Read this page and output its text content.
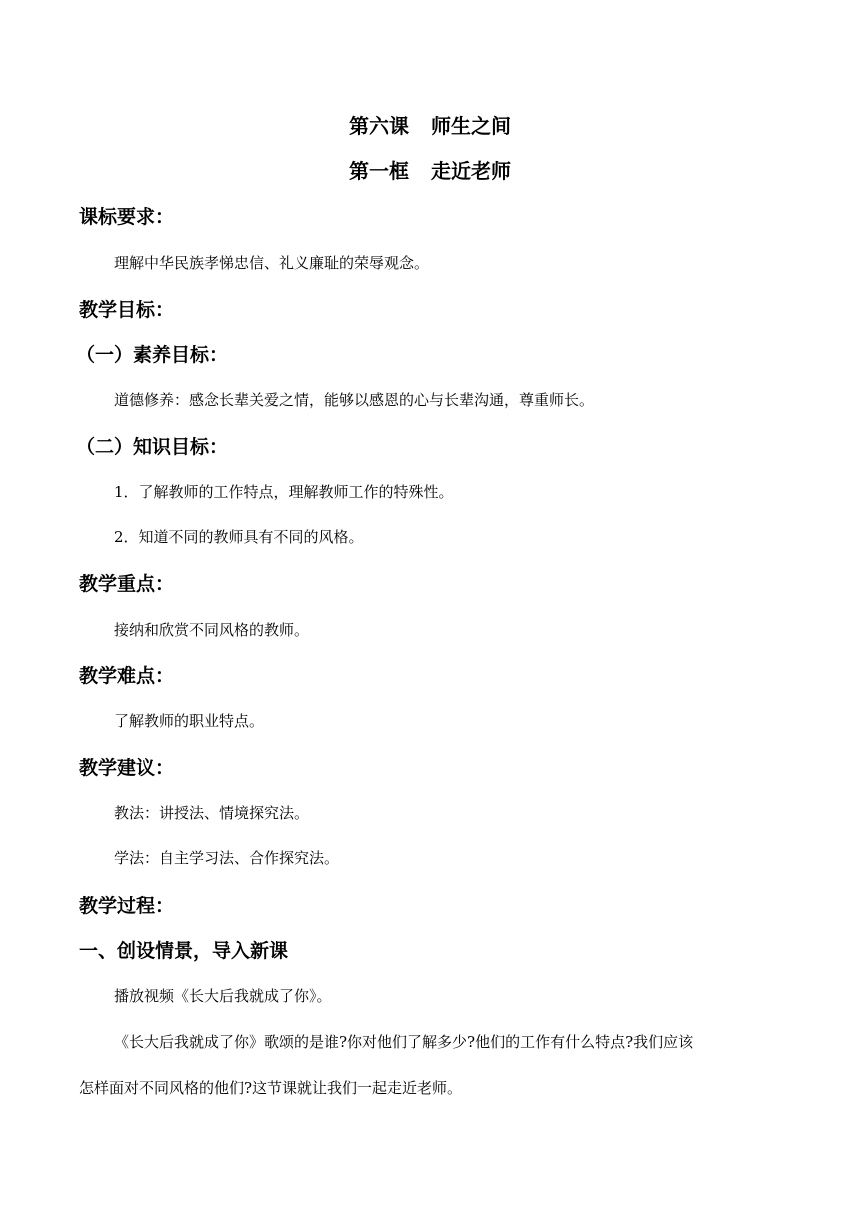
第六课 师生之间
第一框 走近老师
课标要求：
理解中华民族孝悌忠信、礼义廉耻的荣辱观念。
教学目标：
（一）素养目标：
道德修养：感念长辈关爱之情，能够以感恩的心与长辈沟通，尊重师长。
（二）知识目标：
1．了解教师的工作特点，理解教师工作的特殊性。
2．知道不同的教师具有不同的风格。
教学重点：
接纳和欣赏不同风格的教师。
教学难点：
了解教师的职业特点。
教学建议：
教法：讲授法、情境探究法。
学法：自主学习法、合作探究法。
教学过程：
一、创设情景，导入新课
播放视频《长大后我就成了你》。
《长大后我就成了你》歌颂的是谁?你对他们了解多少?他们的工作有什么特点?我们应该
怎样面对不同风格的他们?这节课就让我们一起走近老师。
